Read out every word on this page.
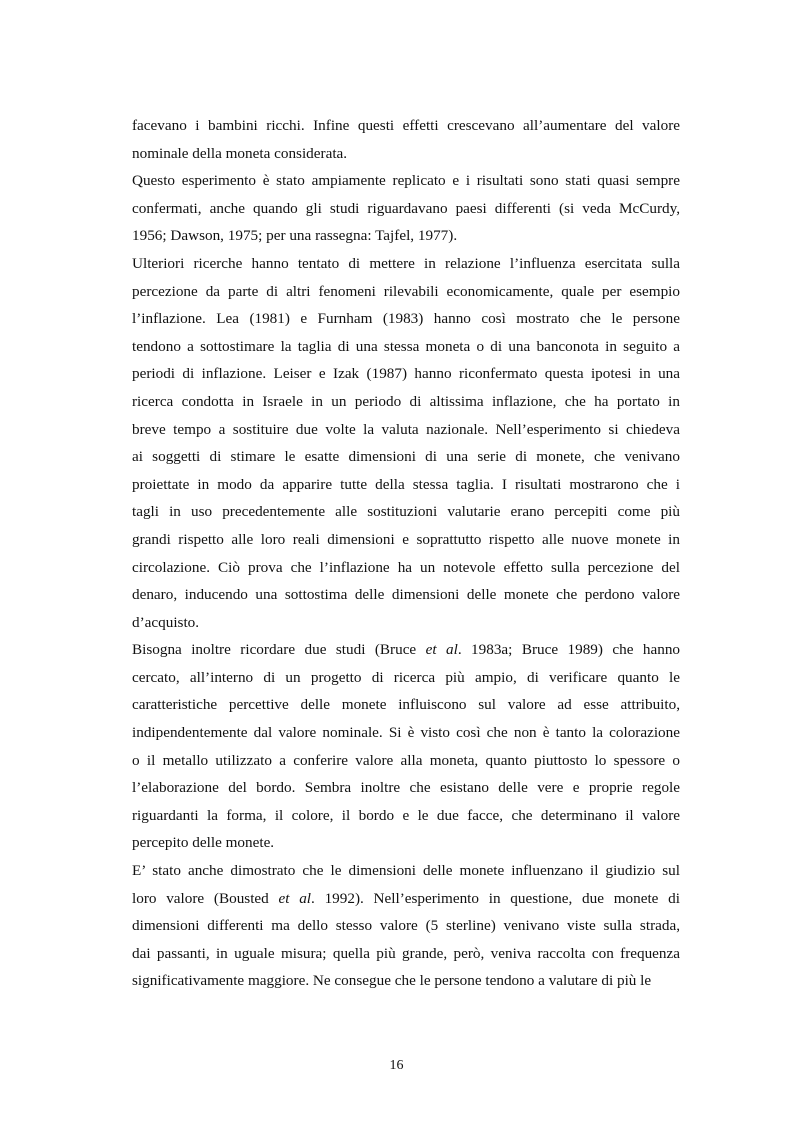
facevano i bambini ricchi. Infine questi effetti crescevano all’aumentare del valore
nominale della moneta considerata.
Questo esperimento è stato ampiamente replicato e i risultati sono stati quasi sempre
confermati, anche quando gli studi riguardavano paesi differenti (si veda McCurdy,
1956; Dawson, 1975; per una rassegna: Tajfel, 1977).
Ulteriori ricerche hanno tentato di mettere in relazione l’influenza esercitata sulla
percezione da parte di altri fenomeni rilevabili economicamente, quale per esempio
l’inflazione. Lea (1981) e Furnham (1983) hanno così mostrato che le persone
tendono a sottostimare la taglia di una stessa moneta o di una banconota in seguito a
periodi di inflazione. Leiser e Izak (1987) hanno riconfermato questa ipotesi in una
ricerca condotta in Israele in un periodo di altissima inflazione, che ha portato in
breve tempo a sostituire due volte la valuta nazionale. Nell’esperimento si chiedeva
ai soggetti di stimare le esatte dimensioni di una serie di monete, che venivano
proiettate in modo da apparire tutte della stessa taglia. I risultati mostrarono che i
tagli in uso precedentemente alle sostituzioni valutarie erano percepiti come più
grandi rispetto alle loro reali dimensioni e soprattutto rispetto alle nuove monete in
circolazione. Ciò prova che l’inflazione ha un notevole effetto sulla percezione del
denaro, inducendo una sottostima delle dimensioni delle monete che perdono valore
d’acquisto.
Bisogna inoltre ricordare due studi (Bruce et al. 1983a; Bruce 1989) che hanno
cercato, all’interno di un progetto di ricerca più ampio, di verificare quanto le
caratteristiche percettive delle monete influiscono sul valore ad esse attribuito,
indipendentemente dal valore nominale. Si è visto così che non è tanto la colorazione
o il metallo utilizzato a conferire valore alla moneta, quanto piuttosto lo spessore o
l’elaborazione del bordo. Sembra inoltre che esistano delle vere e proprie regole
riguardanti la forma, il colore, il bordo e le due facce, che determinano il valore
percepito delle monete.
E’ stato anche dimostrato che le dimensioni delle monete influenzano il giudizio sul
loro valore (Bousted et al. 1992). Nell’esperimento in questione, due monete di
dimensioni differenti ma dello stesso valore (5 sterline) venivano viste sulla strada,
dai passanti, in uguale misura; quella più grande, però, veniva raccolta con frequenza
significativamente maggiore. Ne consegue che le persone tendono a valutare di più le
16
